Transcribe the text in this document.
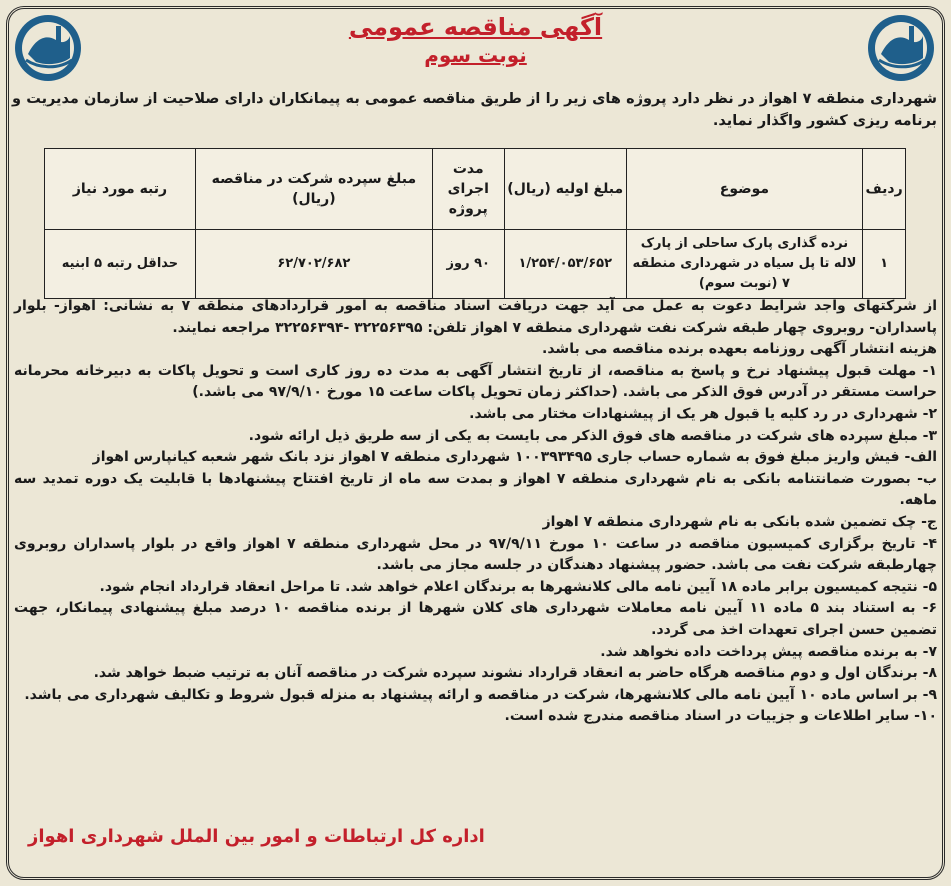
آگهی مناقصه عمومی
نوبت سوم
شهرداری منطقه ۷ اهواز در نظر دارد پروژه های زیر را از طریق مناقصه عمومی به پیمانکاران دارای صلاحیت از سازمان مدیریت و برنامه ریزی کشور واگذار نماید.
ردیف	موضوع	مبلغ اولیه (ریال)	مدت اجرای پروژه	مبلغ سپرده شرکت در مناقصه (ریال)	رتبه مورد نیاز
۱	نرده گذاری پارک ساحلی از پارک لاله تا پل سیاه در شهرداری منطقه ۷ (نوبت سوم)	۱/۲۵۴/۰۵۳/۶۵۲	۹۰ روز	۶۲/۷۰۲/۶۸۲	حداقل رتبه ۵ ابنیه

از شرکتهای واجد شرایط دعوت به عمل می آید جهت دریافت اسناد مناقصه به امور قراردادهای منطقه ۷ به نشانی: اهواز- بلوار پاسداران- روبروی چهار طبقه شرکت نفت شهرداری منطقه ۷ اهواز تلفن: ۳۲۲۵۶۳۹۵ -۳۲۲۵۶۳۹۴ مراجعه نمایند.

هزینه انتشار آگهی روزنامه بعهده برنده مناقصه می باشد.

۱- مهلت قبول پیشنهاد نرخ و پاسخ به مناقصه، از تاریخ انتشار آگهی به مدت ده روز کاری است و تحویل پاکات به دبیرخانه محرمانه حراست مستقر در آدرس فوق الذکر می باشد. (حداکثر زمان تحویل پاکات ساعت ۱۵ مورخ ۹۷/۹/۱۰ می باشد.)

۲- شهرداری در رد کلیه یا قبول هر یک از پیشنهادات مختار می باشد.

۳- مبلغ سپرده های شرکت در مناقصه های فوق الذکر می بایست به یکی از سه طریق ذیل ارائه شود.

الف- فیش واریز مبلغ فوق به شماره حساب جاری ۱۰۰۳۹۳۴۹۵ شهرداری منطقه ۷ اهواز نزد بانک شهر شعبه کیانپارس اهواز

ب- بصورت ضمانتنامه بانکی به نام شهرداری منطقه ۷ اهواز و بمدت سه ماه از تاریخ افتتاح پیشنهادها با قابلیت یک دوره تمدید سه ماهه.

ج- چک تضمین شده بانکی به نام شهرداری منطقه ۷ اهواز

۴- تاریخ برگزاری کمیسیون مناقصه در ساعت ۱۰ مورخ ۹۷/۹/۱۱ در محل شهرداری منطقه ۷ اهواز واقع در بلوار پاسداران روبروی چهارطبقه شرکت نفت می باشد. حضور پیشنهاد دهندگان در جلسه مجاز می باشد.

۵- نتیجه کمیسیون برابر ماده ۱۸ آیین نامه مالی کلانشهرها به برندگان اعلام خواهد شد. تا مراحل انعقاد قرارداد انجام شود.

۶- به استناد بند ۵ ماده ۱۱ آیین نامه معاملات شهرداری های کلان شهرها از برنده مناقصه ۱۰ درصد مبلغ پیشنهادی پیمانکار، جهت تضمین حسن اجرای تعهدات اخذ می گردد.

۷- به برنده مناقصه پیش پرداخت داده نخواهد شد.

۸- برندگان اول و دوم مناقصه هرگاه حاضر به انعقاد قرارداد نشوند سپرده شرکت در مناقصه آنان به ترتیب ضبط خواهد شد.

۹- بر اساس ماده ۱۰ آیین نامه مالی کلانشهرها، شرکت در مناقصه و ارائه پیشنهاد به منزله قبول شروط و تکالیف شهرداری می باشد.

۱۰- سایر اطلاعات و جزییات در اسناد مناقصه مندرج شده است.

اداره کل ارتباطات و امور بین الملل شهرداری اهواز
